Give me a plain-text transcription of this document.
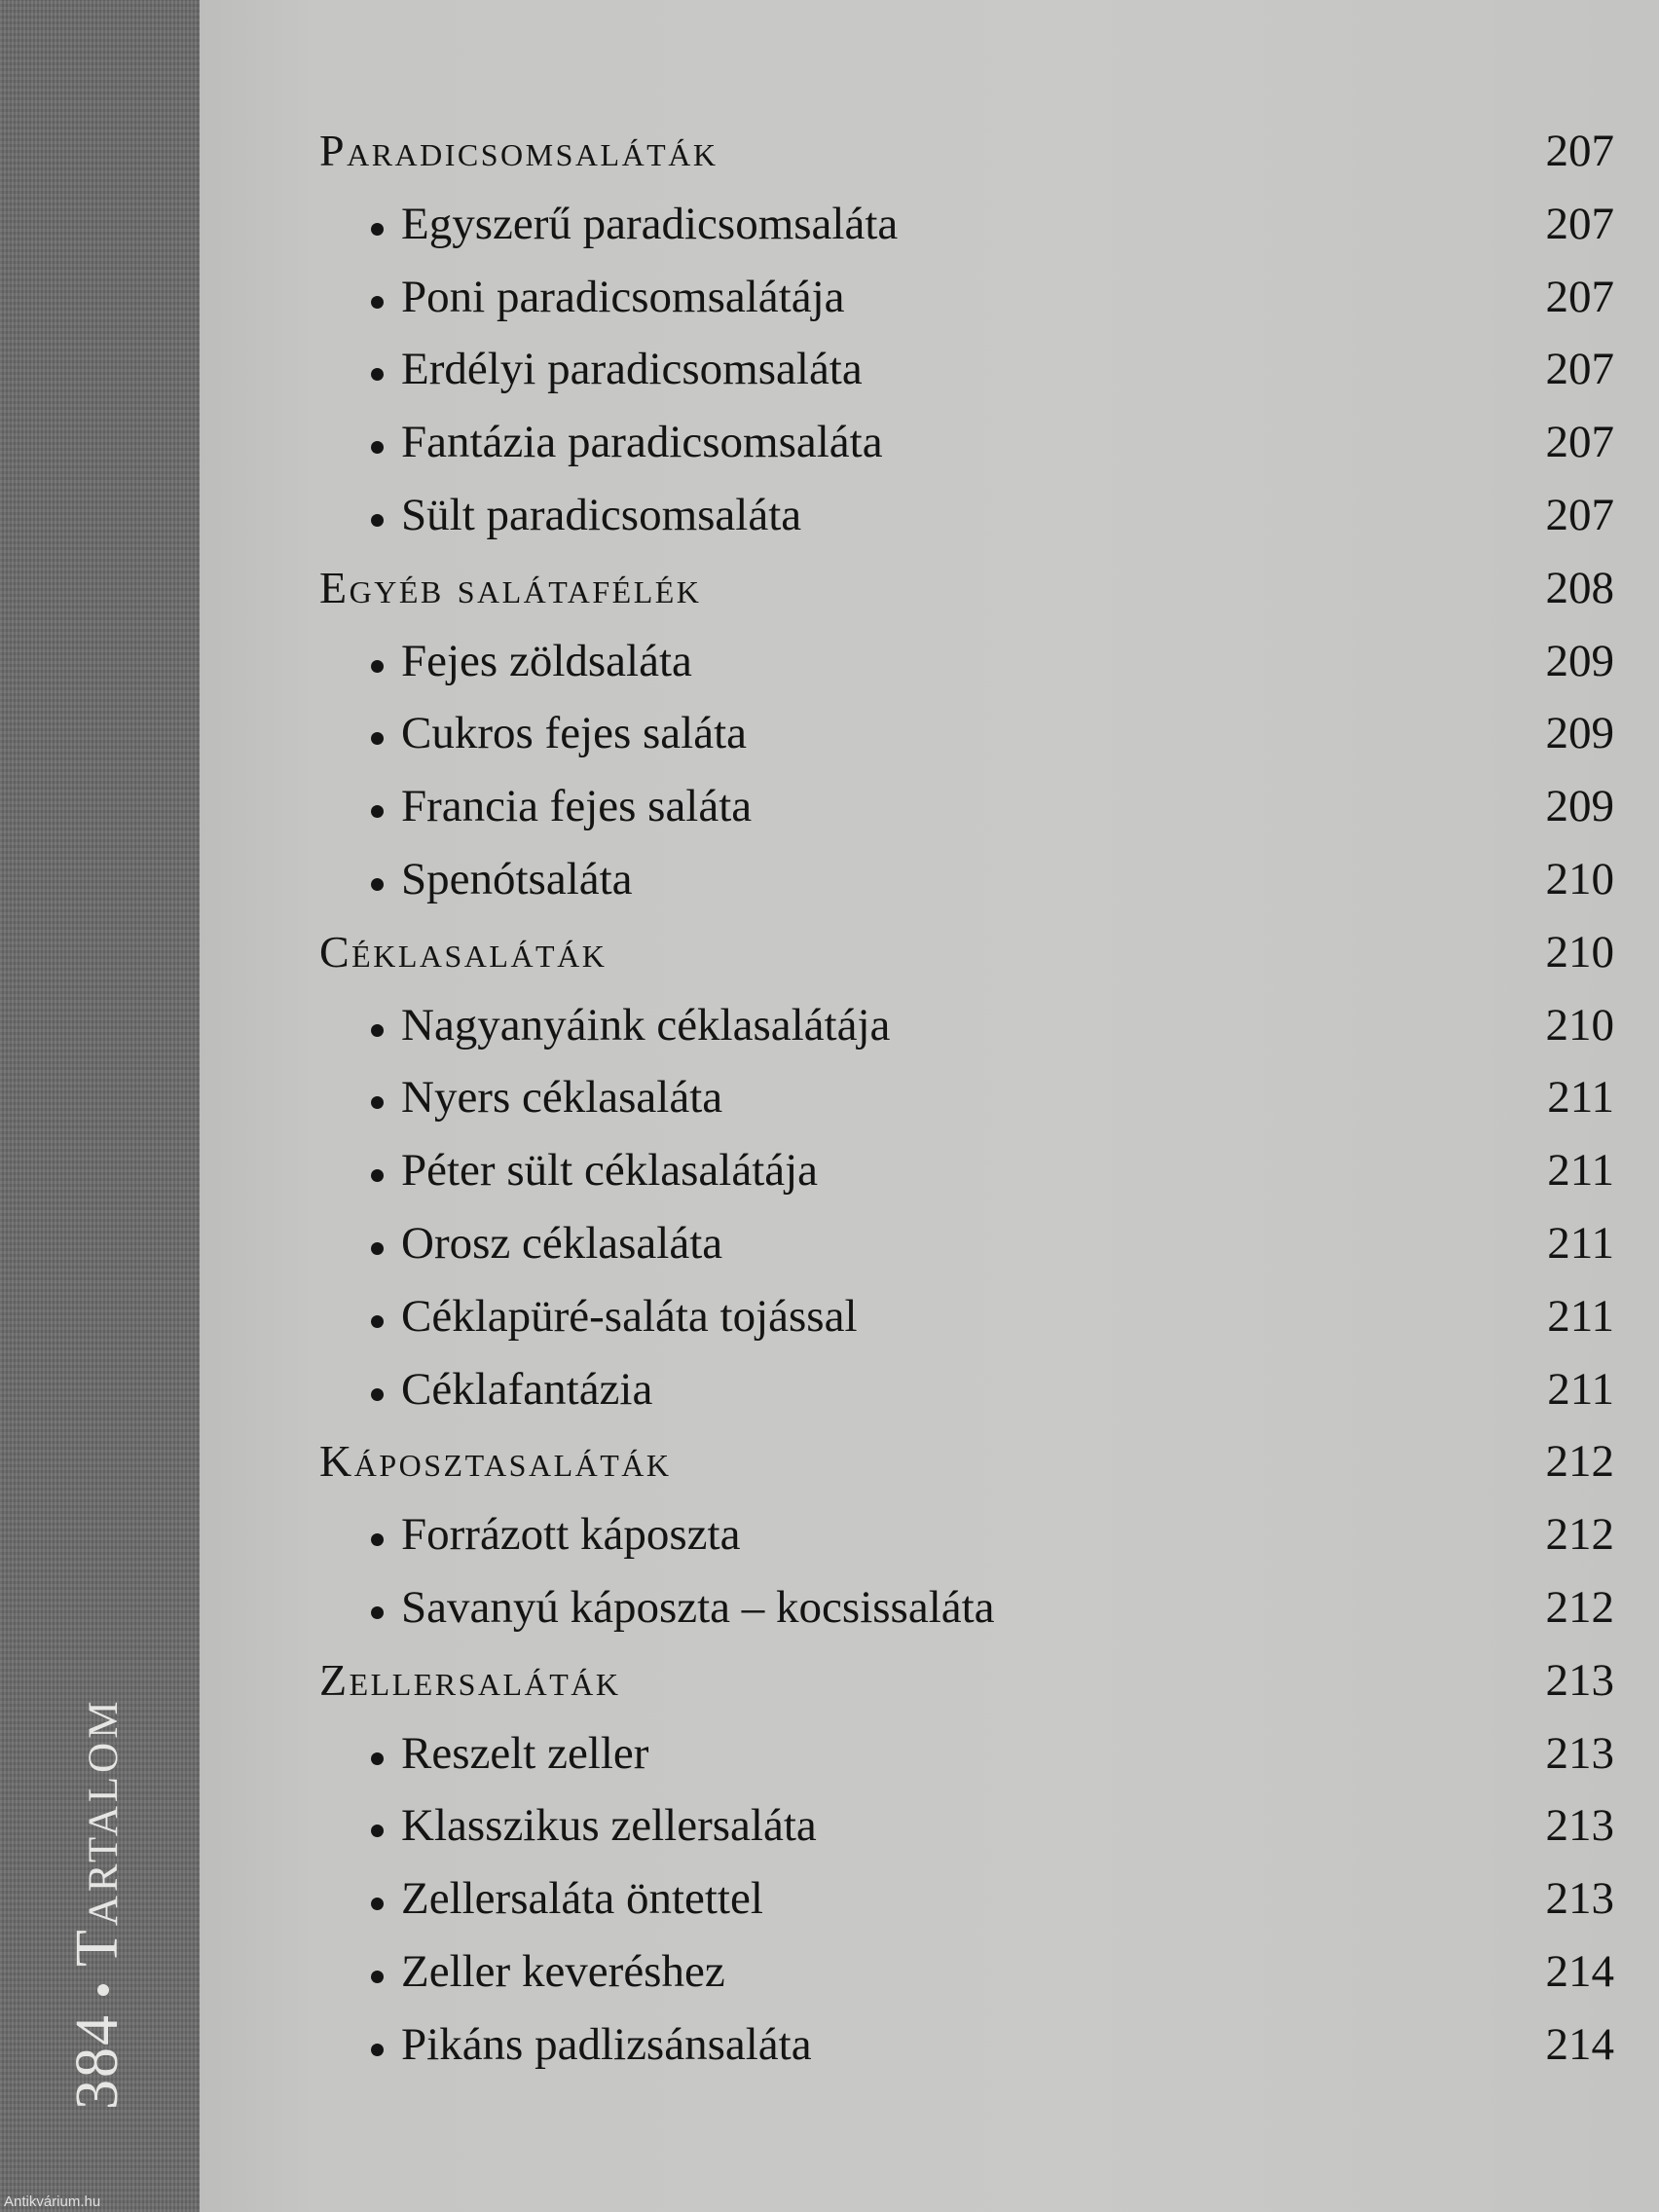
384Tartalom
Antikvárium.hu
Paradicsomsaláták	207
Egyszerű paradicsomsaláta	207
Poni paradicsomsalátája	207
Erdélyi paradicsomsaláta	207
Fantázia paradicsomsaláta	207
Sült paradicsomsaláta	207
Egyéb salátafélék	208
Fejes zöldsaláta	209
Cukros fejes saláta	209
Francia fejes saláta	209
Spenótsaláta	210
Céklasaláták	210
Nagyanyáink céklasalátája	210
Nyers céklasaláta	211
Péter sült céklasalátája	211
Orosz céklasaláta	211
Céklapüré-saláta tojással	211
Céklafantázia	211
Káposztasaláták	212
Forrázott káposzta	212
Savanyú káposzta – kocsissaláta	212
Zellersaláták	213
Reszelt zeller	213
Klasszikus zellersaláta	213
Zellersaláta öntettel	213
Zeller keveréshez	214
Pikáns padlizsánsaláta	214
